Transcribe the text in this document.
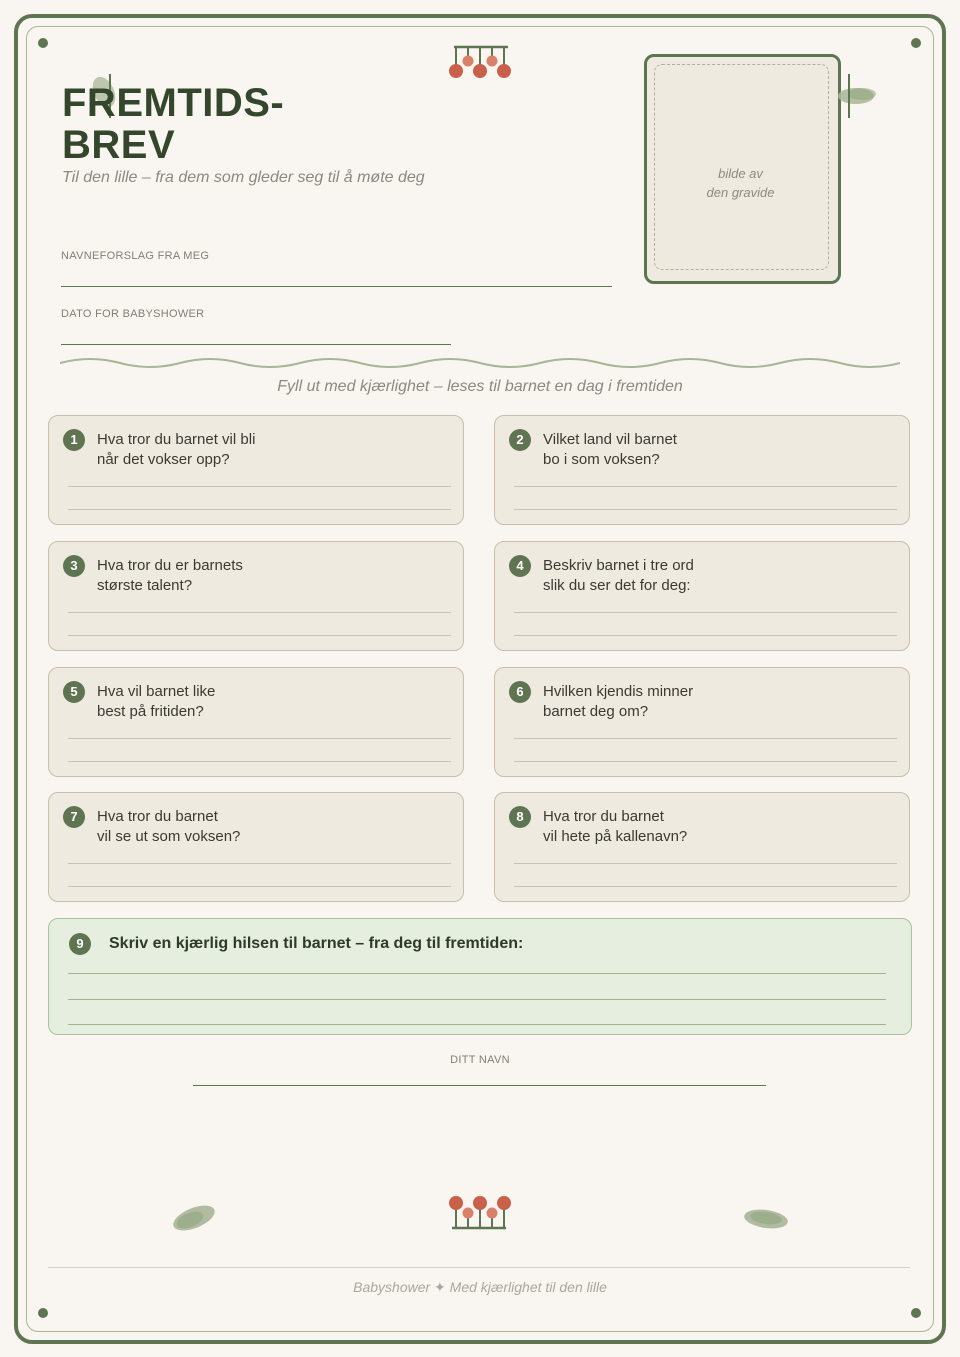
FREMTIDS-
BREV
Til den lille – fra dem som gleder seg til å møte deg
NAVNEFORSLAG FRA MEG
DATO FOR BABYSHOWER
bilde av
den gravide
Fyll ut med kjærlighet – leses til barnet en dag i fremtiden
1	Hva tror du barnet vil bli
når det vokser opp?
2	Vilket land vil barnet
bo i som voksen?
3	Hva tror du er barnets
største talent?
4	Beskriv barnet i tre ord
slik du ser det for deg:
5	Hva vil barnet like
best på fritiden?
6	Hvilken kjendis minner
barnet deg om?
7	Hva tror du barnet
vil se ut som voksen?
8	Hva tror du barnet
vil hete på kallenavn?
9	Skriv en kjærlig hilsen til barnet – fra deg til fremtiden:
DITT NAVN
Babyshower ✦ Med kjærlighet til den lille
